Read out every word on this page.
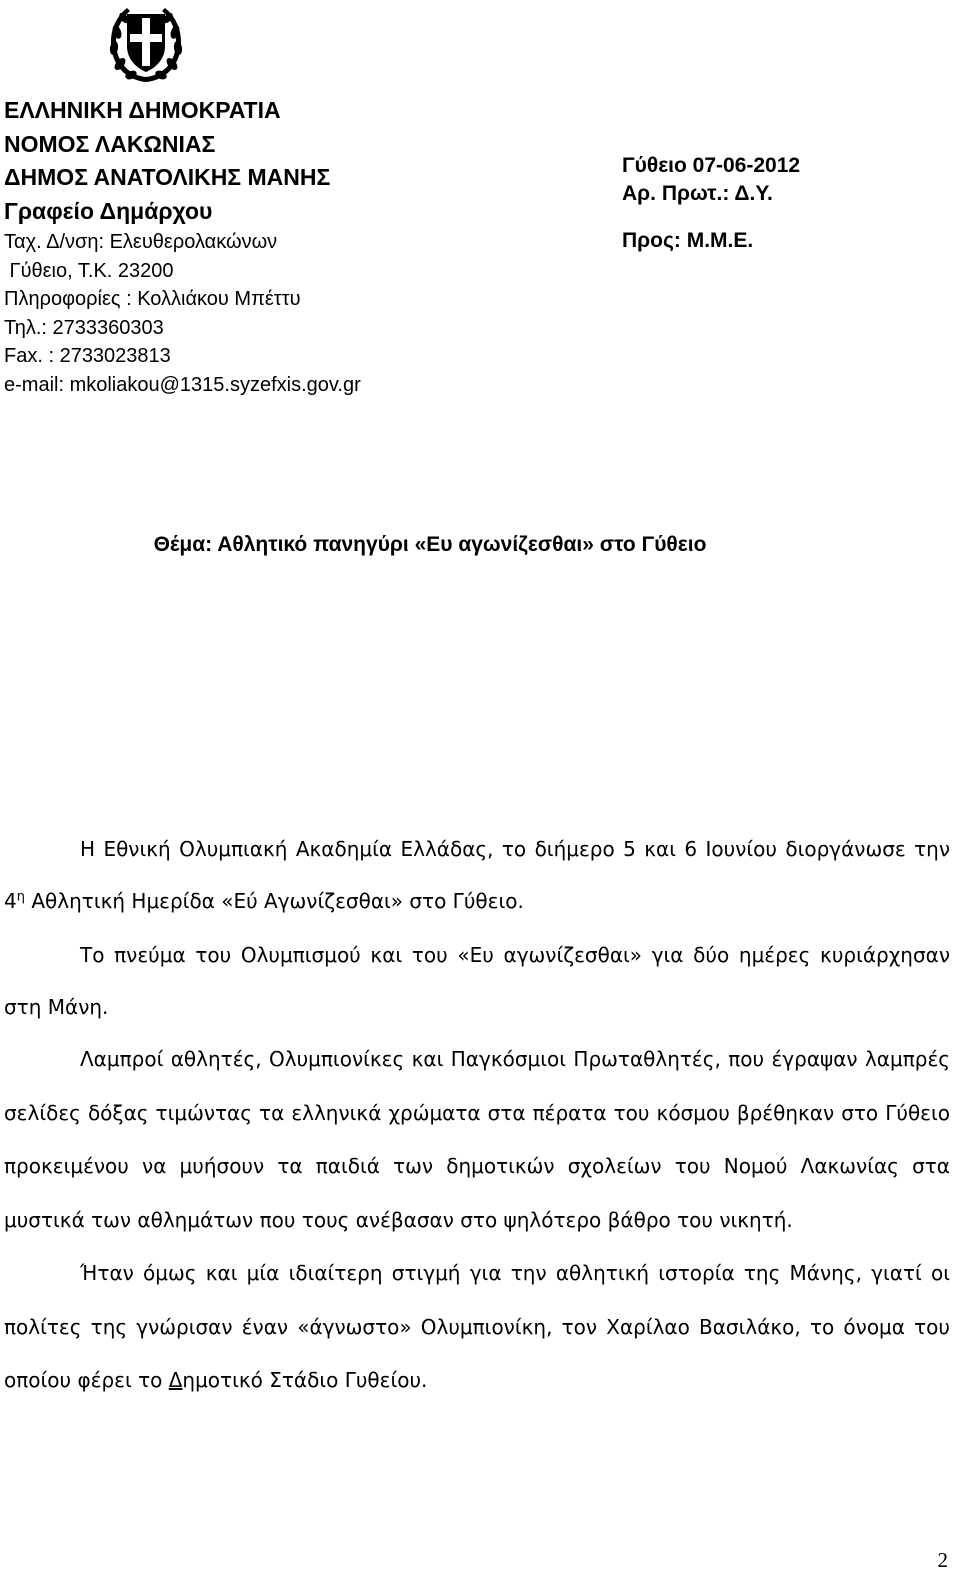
ΕΛΛΗΝΙΚΗ ΔΗΜΟΚΡΑΤΙΑ
ΝΟΜΟΣ ΛΑΚΩΝΙΑΣ
ΔΗΜΟΣ ΑΝΑΤΟΛΙΚΗΣ ΜΑΝΗΣ
Γραφείο Δημάρχου
Ταχ. Δ/νση: Ελευθερολακώνων
Γύθειο, Τ.Κ. 23200
Πληροφορίες : Κολλιάκου Μπέττυ
Τηλ.: 2733360303
Fax. : 2733023813
e-mail: mkoliakou@1315.syzefxis.gov.gr
Γύθειο 07-06-2012
Αρ. Πρωτ.: Δ.Υ.
Προς: Μ.Μ.Ε.
Θέμα: Αθλητικό πανηγύρι «Ευ αγωνίζεσθαι» στο Γύθειο

Η Εθνική Ολυμπιακή Ακαδημία Ελλάδας, το διήμερο 5 και 6 Ιουνίου διοργάνωσε την $4^\eta$ Αθλητική Ημερίδα «Εύ Αγωνίζεσθαι» στο Γύθειο.

Το πνεύμα του Ολυμπισμού και του «Ευ αγωνίζεσθαι» για δύο ημέρες κυριάρχησαν στη Μάνη.

Λαμπροί αθλητές, Ολυμπιονίκες και Παγκόσμιοι Πρωταθλητές, που έγραψαν λαμπρές σελίδες δόξας τιμώντας τα ελληνικά χρώματα στα πέρατα του κόσμου βρέθηκαν στο Γύθειο προκειμένου να μυήσουν τα παιδιά των δημοτικών σχολείων του Νομού Λακωνίας στα μυστικά των αθλημάτων που τους ανέβασαν στο ψηλότερο βάθρο του νικητή.

Ήταν όμως και μία ιδιαίτερη στιγμή για την αθλητική ιστορία της Μάνης, γιατί οι πολίτες της γνώρισαν έναν «άγνωστο» Ολυμπιονίκη, τον Χαρίλαο Βασιλάκο, το όνομα του οποίου φέρει το Δημοτικό Στάδιο Γυθείου.

2
